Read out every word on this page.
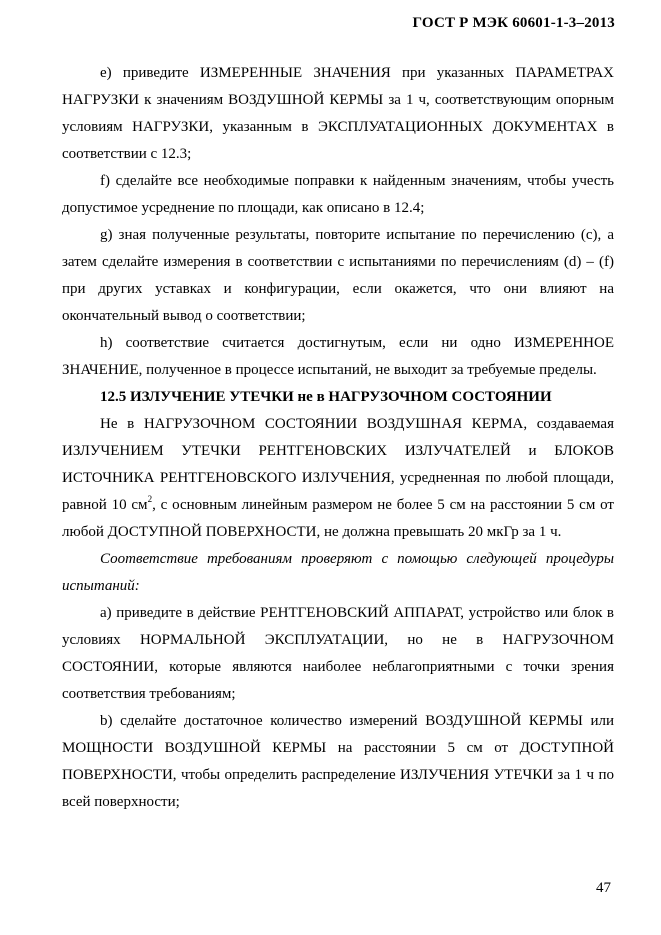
ГОСТ Р МЭК 60601-1-3–2013

е) приведите ИЗМЕРЕННЫЕ ЗНАЧЕНИЯ при указанных ПАРАМЕТРАХ НАГРУЗКИ к значениям ВОЗДУШНОЙ КЕРМЫ за 1 ч, соответствующим опорным условиям НАГРУЗКИ, указанным в ЭКСПЛУАТАЦИОННЫХ ДОКУМЕНТАХ в соответствии с 12.3;

f) сделайте все необходимые поправки к найденным значениям, чтобы учесть допустимое усреднение по площади, как описано в 12.4;

g) зная полученные результаты, повторите испытание по перечислению (с), а затем сделайте измерения в соответствии с испытаниями по перечислениям (d) – (f) при других уставках и конфигурации, если окажется, что они влияют на окончательный вывод о соответствии;

h) соответствие считается достигнутым, если ни одно ИЗМЕРЕННОЕ ЗНАЧЕНИЕ, полученное в процессе испытаний, не выходит за требуемые пределы.

12.5 ИЗЛУЧЕНИЕ УТЕЧКИ не в НАГРУЗОЧНОМ СОСТОЯНИИ

Не в НАГРУЗОЧНОМ СОСТОЯНИИ ВОЗДУШНАЯ КЕРМА, создаваемая ИЗЛУЧЕНИЕМ УТЕЧКИ РЕНТГЕНОВСКИХ ИЗЛУЧАТЕЛЕЙ и БЛОКОВ ИСТОЧНИКА РЕНТГЕНОВСКОГО ИЗЛУЧЕНИЯ, усредненная по любой площади, равной 10 $см^2$, с основным линейным размером не более 5 см на расстоянии 5 см от любой ДОСТУПНОЙ ПОВЕРХНОСТИ, не должна превышать 20 мкГр за 1 ч.

Соответствие требованиям проверяют с помощью следующей процедуры испытаний:

а) приведите в действие РЕНТГЕНОВСКИЙ АППАРАТ, устройство или блок в условиях НОРМАЛЬНОЙ ЭКСПЛУАТАЦИИ, но не в НАГРУЗОЧНОМ СОСТОЯНИИ, которые являются наиболее неблагоприятными с точки зрения соответствия требованиям;

b) сделайте достаточное количество измерений ВОЗДУШНОЙ КЕРМЫ или МОЩНОСТИ ВОЗДУШНОЙ КЕРМЫ на расстоянии 5 см от ДОСТУПНОЙ ПОВЕРХНОСТИ, чтобы определить распределение ИЗЛУЧЕНИЯ УТЕЧКИ за 1 ч по всей поверхности;

47
